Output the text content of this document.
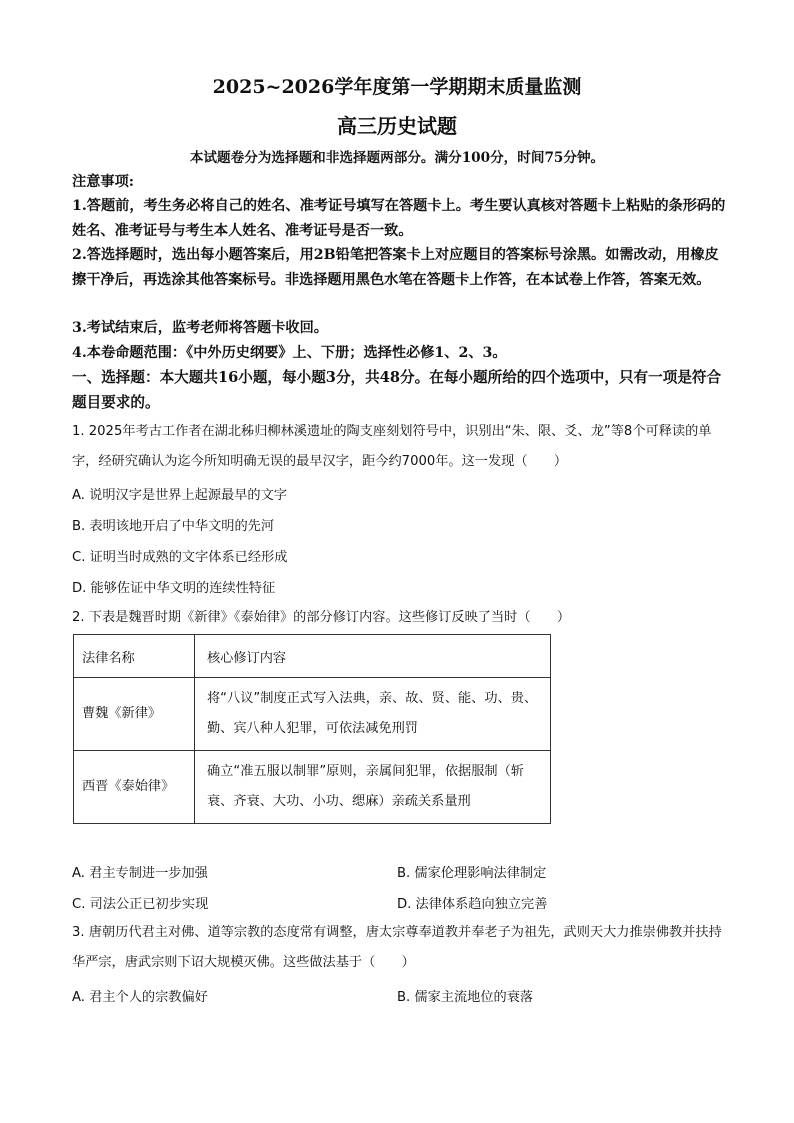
2025~2026学年度第一学期期末质量监测
高三历史试题
本试题卷分为选择题和非选择题两部分。满分100分，时间75分钟。
注意事项:
1.答题前，考生务必将自己的姓名、准考证号填写在答题卡上。考生要认真核对答题卡上粘贴的条形码的姓名、准考证号与考生本人姓名、准考证号是否一致。
2.答选择题时，选出每小题答案后，用2B铅笔把答案卡上对应题目的答案标号涂黑。如需改动，用橡皮擦干净后，再选涂其他答案标号。非选择题用黑色水笔在答题卡上作答，在本试卷上作答，答案无效。
3.考试结束后，监考老师将答题卡收回。
4.本卷命题范围：《中外历史纲要》上、下册；选择性必修1、2、3。
一、选择题：本大题共16小题，每小题3分，共48分。在每小题所给的四个选项中，只有一项是符合题目要求的。
1. 2025年考古工作者在湖北秭归柳林溪遗址的陶支座刻划符号中，识别出“朱、限、爻、龙”等8个可释读的单字，经研究确认为迄今所知明确无误的最早汉字，距今约7000年。这一发现（　　）
A. 说明汉字是世界上起源最早的文字
B. 表明该地开启了中华文明的先河
C. 证明当时成熟的文字体系已经形成
D. 能够佐证中华文明的连续性特征
2. 下表是魏晋时期《新律》《泰始律》的部分修订内容。这些修订反映了当时（　　）
法律名称	核心修订内容
曹魏《新律》	将“八议”制度正式写入法典，亲、故、贤、能、功、贵、勤、宾八种人犯罪，可依法减免刑罚
西晋《泰始律》	确立“准五服以制罪”原则，亲属间犯罪，依据服制（斩衰、齐衰、大功、小功、缌麻）亲疏关系量刑
A. 君主专制进一步加强	B. 儒家伦理影响法律制定
C. 司法公正已初步实现	D. 法律体系趋向独立完善
3. 唐朝历代君主对佛、道等宗教的态度常有调整，唐太宗尊奉道教并奉老子为祖先，武则天大力推崇佛教并扶持华严宗，唐武宗则下诏大规模灭佛。这些做法基于（　　）
A. 君主个人的宗教偏好	B. 儒家主流地位的衰落
